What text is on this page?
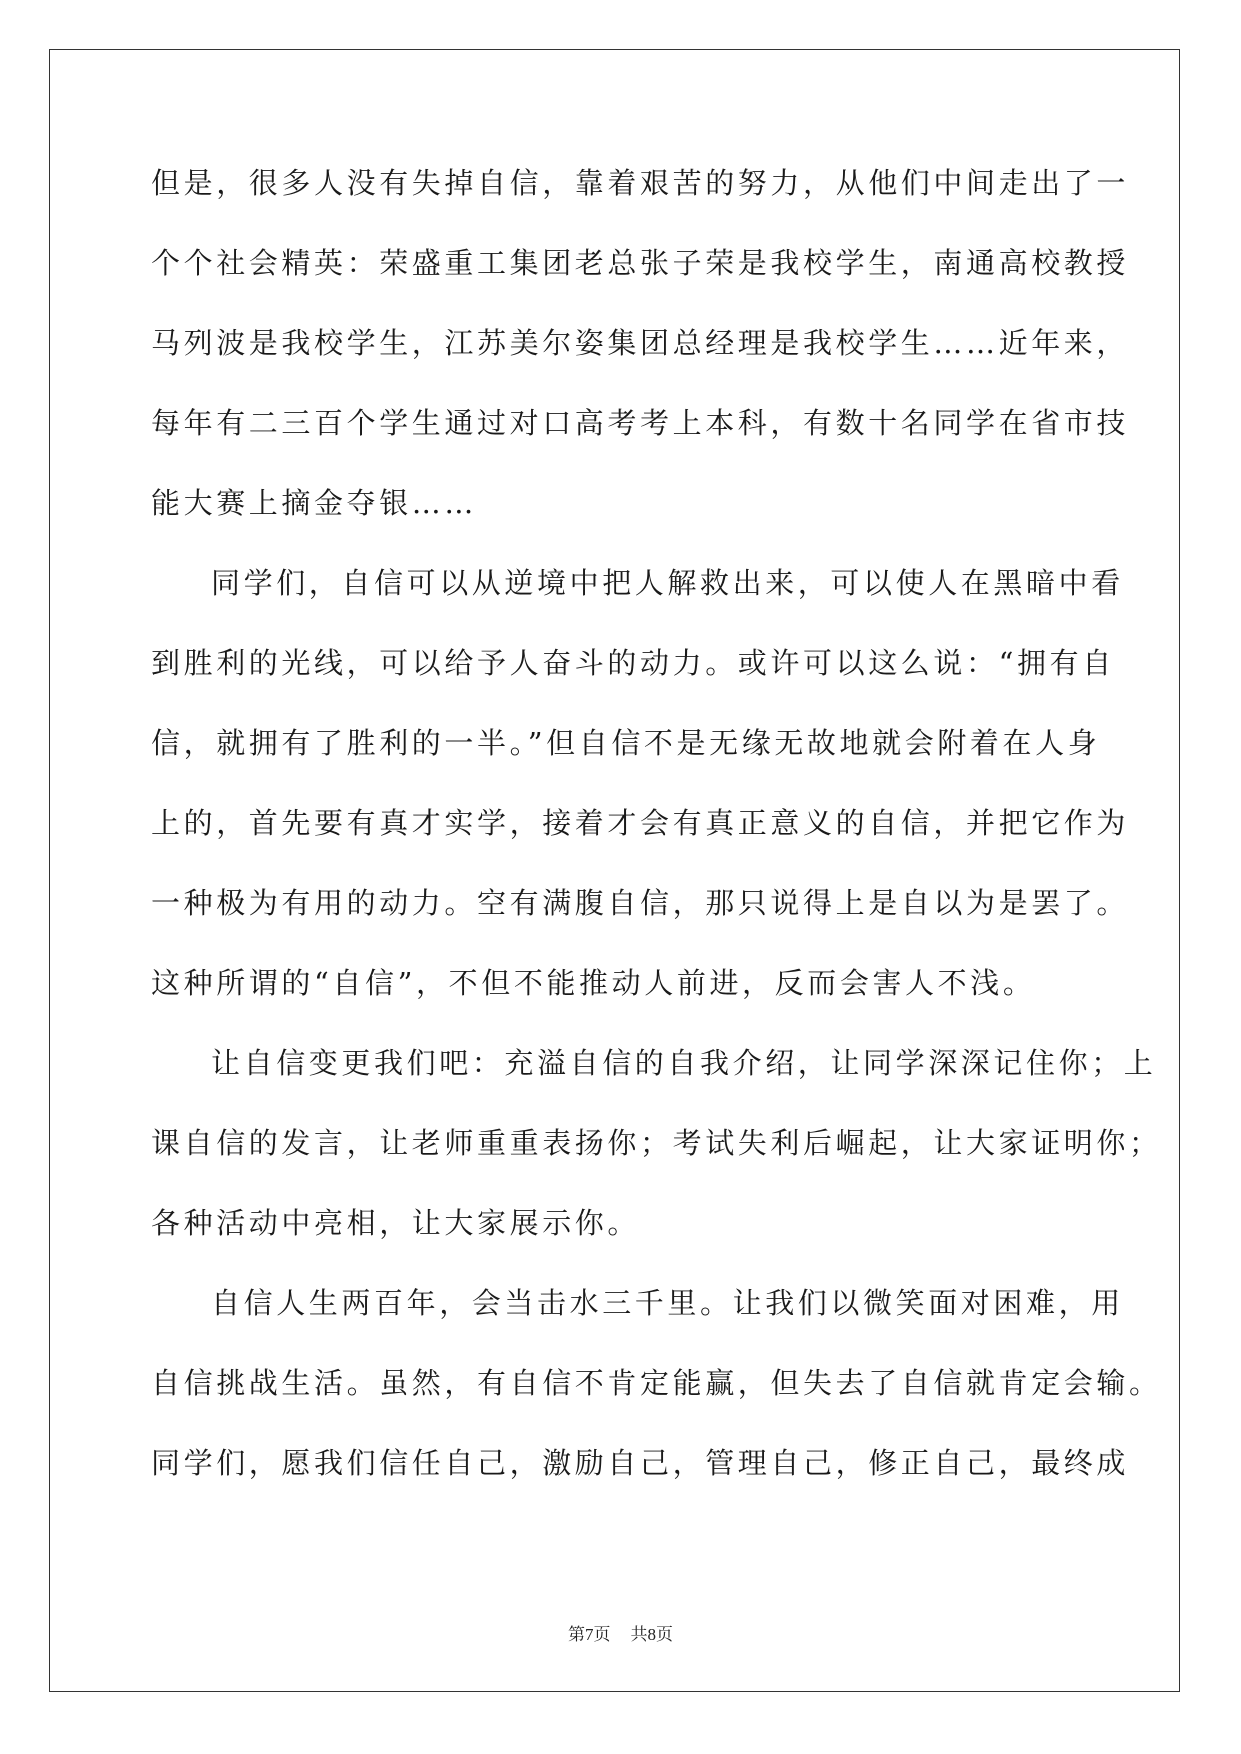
但是，很多人没有失掉自信，靠着艰苦的努力，从他们中间走出了一
个个社会精英：荣盛重工集团老总张子荣是我校学生，南通高校教授
马列波是我校学生，江苏美尔姿集团总经理是我校学生……近年来，
每年有二三百个学生通过对口高考考上本科，有数十名同学在省市技
能大赛上摘金夺银……
同学们，自信可以从逆境中把人解救出来，可以使人在黑暗中看
到胜利的光线，可以给予人奋斗的动力。或许可以这么说：“拥有自
信，就拥有了胜利的一半。”但自信不是无缘无故地就会附着在人身
上的，首先要有真才实学，接着才会有真正意义的自信，并把它作为
一种极为有用的动力。空有满腹自信，那只说得上是自以为是罢了。
这种所谓的“自信”，不但不能推动人前进，反而会害人不浅。
让自信变更我们吧：充溢自信的自我介绍，让同学深深记住你；上
课自信的发言，让老师重重表扬你；考试失利后崛起，让大家证明你；
各种活动中亮相，让大家展示你。
自信人生两百年，会当击水三千里。让我们以微笑面对困难，用
自信挑战生活。虽然，有自信不肯定能赢，但失去了自信就肯定会输。
同学们，愿我们信任自己，激励自己，管理自己，修正自己，最终成
第7页 共8页
